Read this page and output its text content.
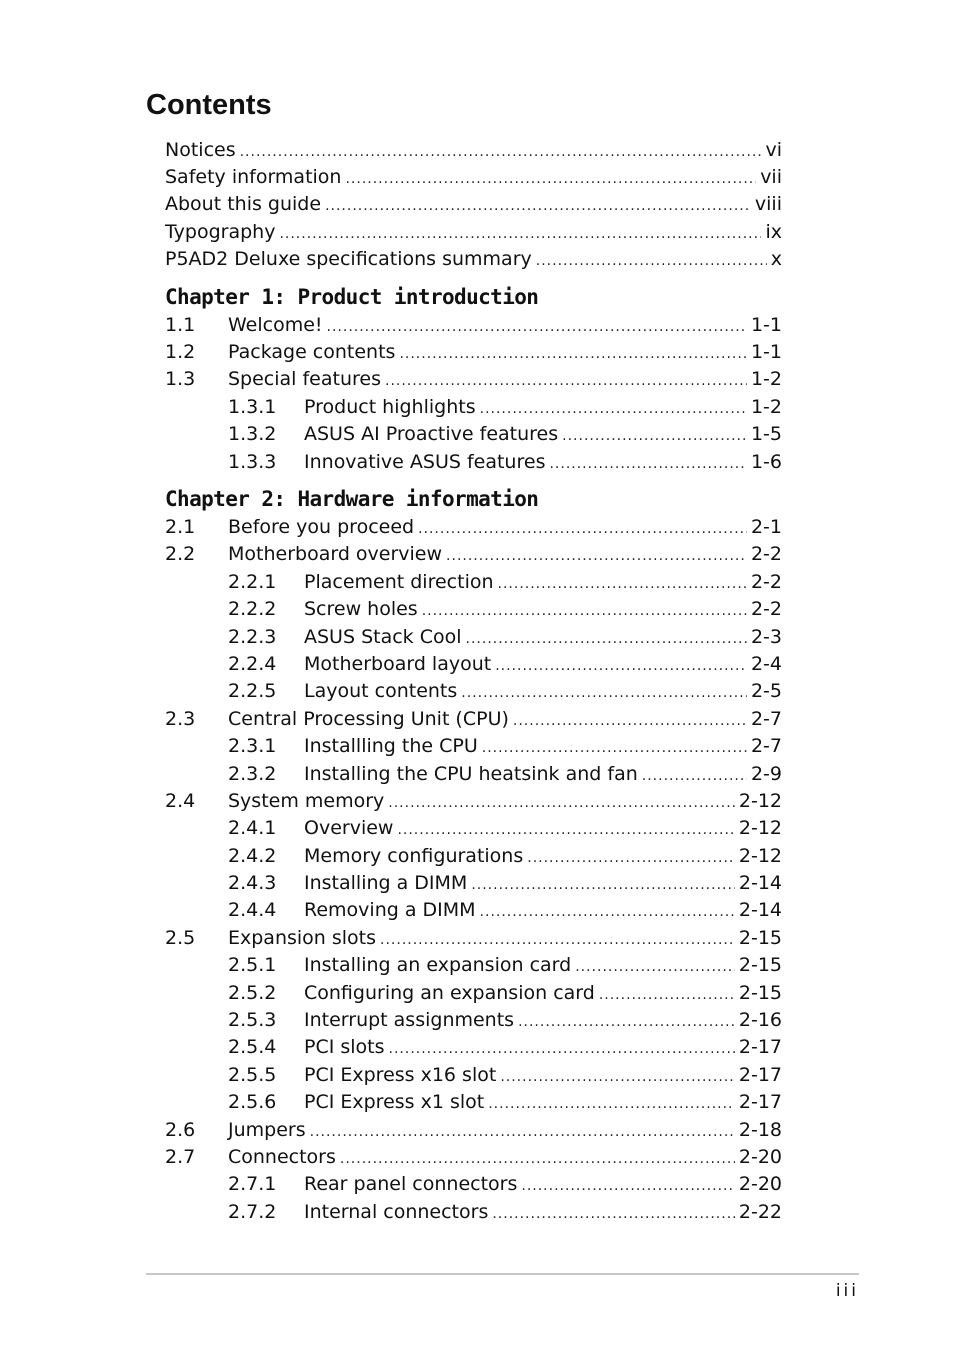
Contents
Notices .....	vi
Safety information .....	vii
About this guide .....	viii
Typography .....	ix
P5AD2 Deluxe specifications summary .....	x
Chapter 1: Product introduction
1.1	Welcome! .....	1-1
1.2	Package contents .....	1-1
1.3	Special features .....	1-2
1.3.1	Product highlights .....	1-2
1.3.2	ASUS AI Proactive features .....	1-5
1.3.3	Innovative ASUS features .....	1-6
Chapter 2: Hardware information
2.1	Before you proceed .....	2-1
2.2	Motherboard overview .....	2-2
2.2.1	Placement direction .....	2-2
2.2.2	Screw holes .....	2-2
2.2.3	ASUS Stack Cool .....	2-3
2.2.4	Motherboard layout .....	2-4
2.2.5	Layout contents .....	2-5
2.3	Central Processing Unit (CPU) .....	2-7
2.3.1	Installling the CPU .....	2-7
2.3.2	Installing the CPU heatsink and fan .....	2-9
2.4	System memory .....	2-12
2.4.1	Overview .....	2-12
2.4.2	Memory configurations .....	2-12
2.4.3	Installing a DIMM .....	2-14
2.4.4	Removing a DIMM .....	2-14
2.5	Expansion slots .....	2-15
2.5.1	Installing an expansion card .....	2-15
2.5.2	Configuring an expansion card .....	2-15
2.5.3	Interrupt assignments .....	2-16
2.5.4	PCI slots .....	2-17
2.5.5	PCI Express x16 slot .....	2-17
2.5.6	PCI Express x1 slot .....	2-17
2.6	Jumpers .....	2-18
2.7	Connectors .....	2-20
2.7.1	Rear panel connectors .....	2-20
2.7.2	Internal connectors .....	2-22
iii
